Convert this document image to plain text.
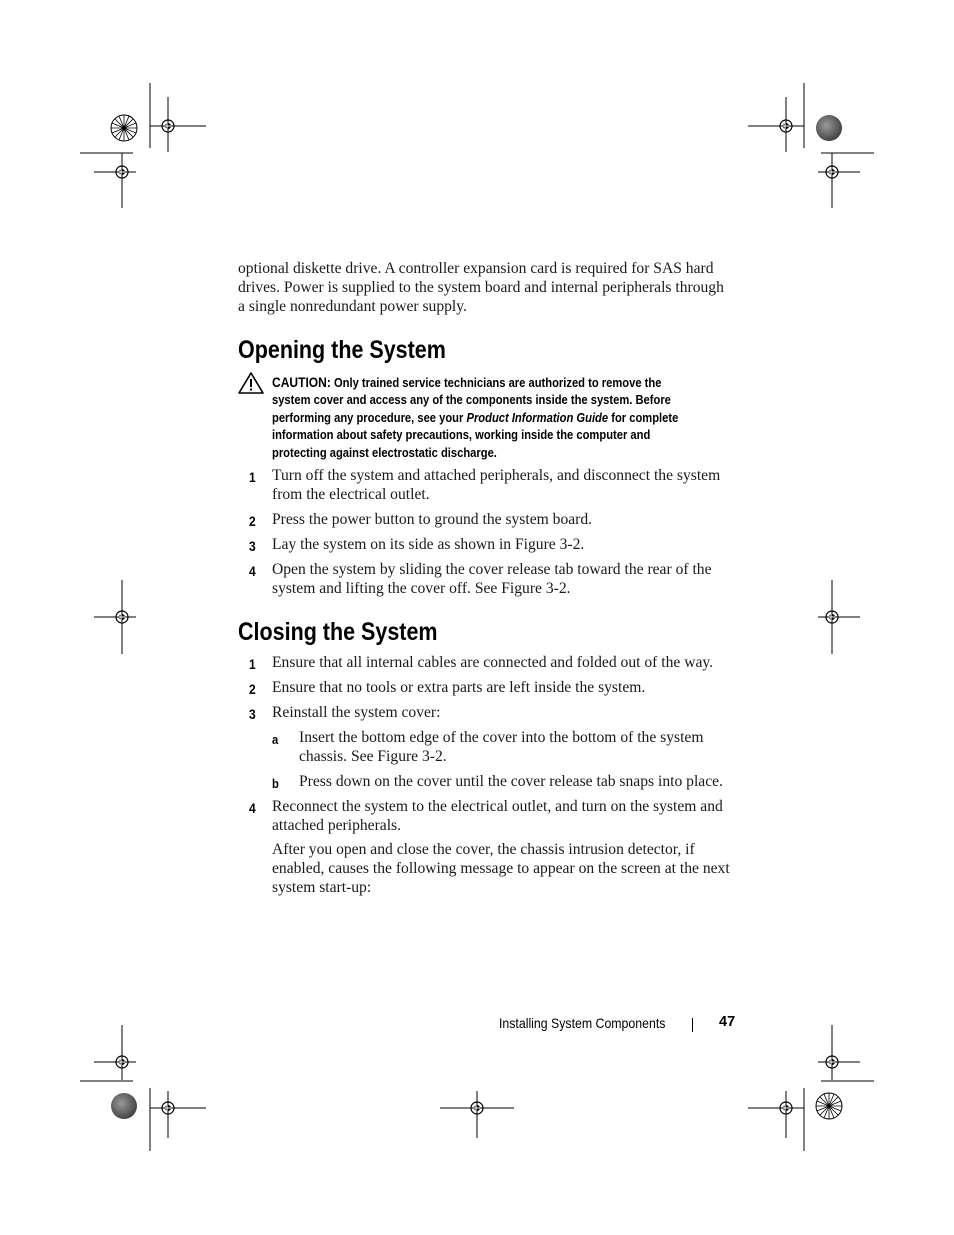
optional diskette drive. A controller expansion card is required for SAS hard
drives. Power is supplied to the system board and internal peripherals through
a single nonredundant power supply.
Opening the System
CAUTION: Only trained service technicians are authorized to remove the system cover and access any of the components inside the system. Before performing any procedure, see your Product Information Guide for complete information about safety precautions, working inside the computer and protecting against electrostatic discharge.
1 Turn off the system and attached peripherals, and disconnect the system
from the electrical outlet.
2 Press the power button to ground the system board.
3 Lay the system on its side as shown in Figure 3-2.
4 Open the system by sliding the cover release tab toward the rear of the
system and lifting the cover off. See Figure 3-2.
Closing the System
1 Ensure that all internal cables are connected and folded out of the way.
2 Ensure that no tools or extra parts are left inside the system.
3 Reinstall the system cover:
a Insert the bottom edge of the cover into the bottom of the system
chassis. See Figure 3-2.
b Press down on the cover until the cover release tab snaps into place.
4 Reconnect the system to the electrical outlet, and turn on the system and
attached peripherals.
After you open and close the cover, the chassis intrusion detector, if
enabled, causes the following message to appear on the screen at the next
system start-up:
Installing System Components	47
